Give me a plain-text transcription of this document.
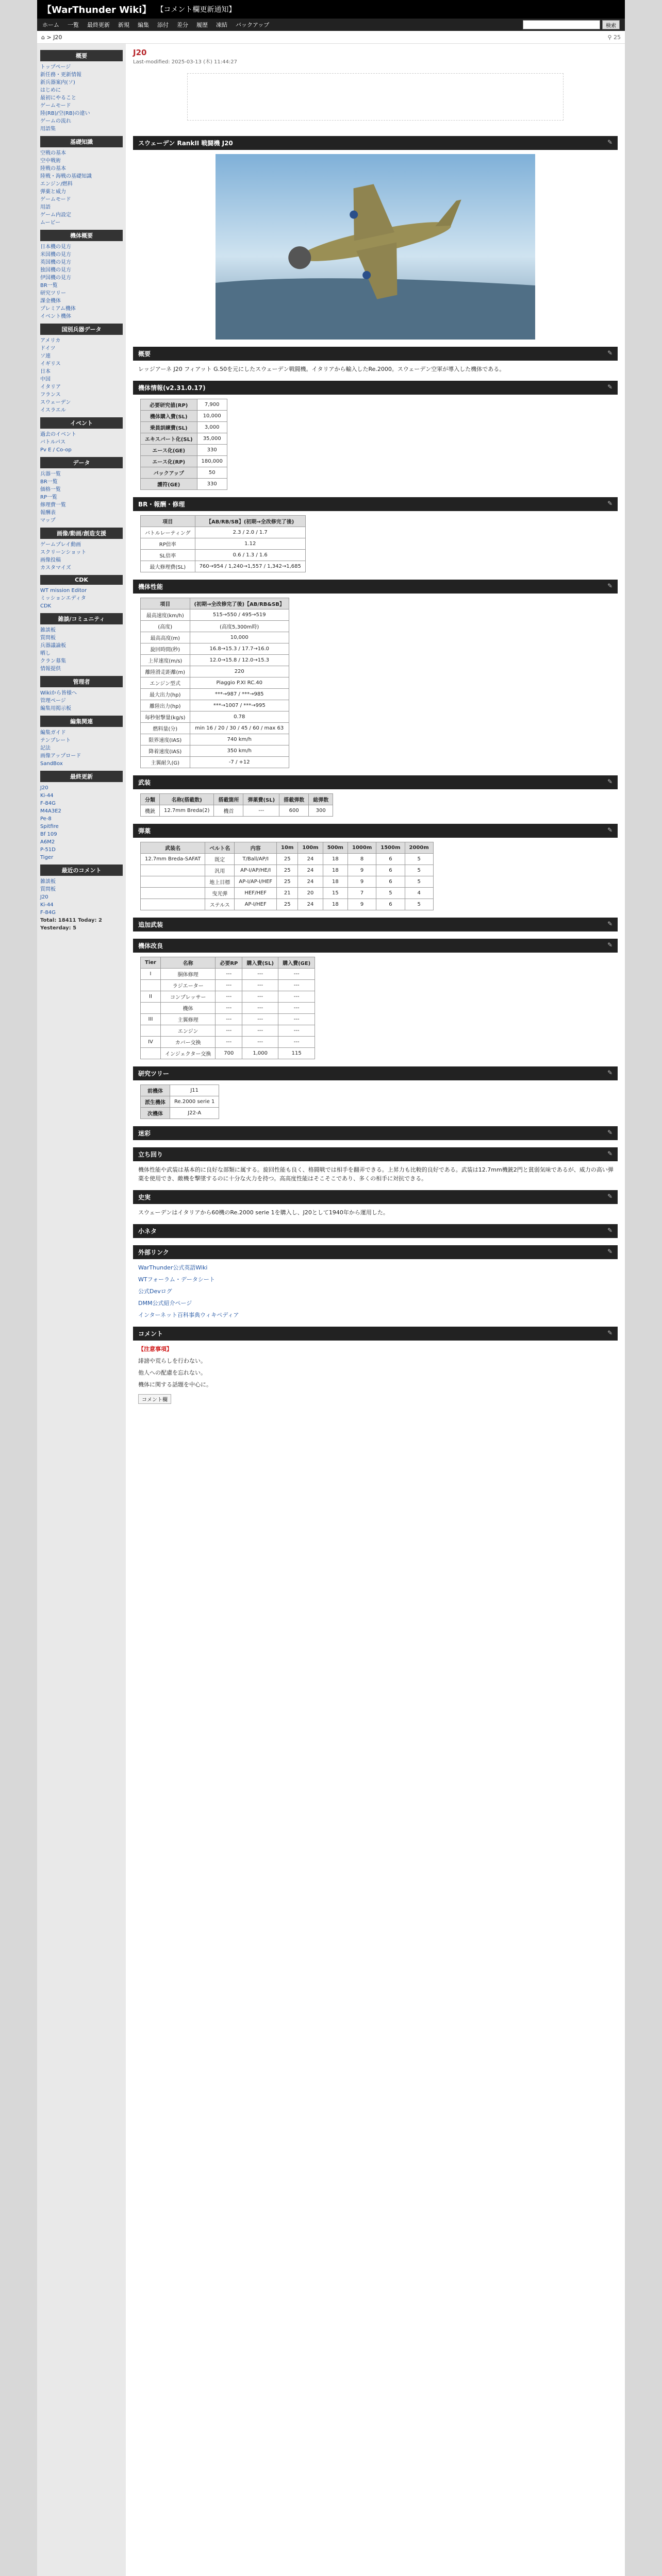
【WarThunder Wiki】 【コメント欄更新通知】
ホーム 一覧 最終更新 新規 編集 添付 差分 履歴 凍結 バックアップ	検索
⌂ > J20	⚲ 25
概要
トップページ
新任務・更新情報
新兵器案内(ソ)
はじめに
最初にやること
ゲームモード
陸(RB)/空(RB)の違い
ゲームの流れ
用語集
基礎知識
空戦の基本
空中戦術
陸戦の基本
陸戦・海戦の基礎知識
エンジン/燃料
弾薬と威力
ゲームモード
用語
ゲーム内設定
ムービー
機体概要
日本機の見方
米国機の見方
英国機の見方
独国機の見方
伊国機の見方
BR一覧
研究ツリー
課金機体
プレミアム機体
イベント機体
国別兵器データ
アメリカ
ドイツ
ソ連
イギリス
日本
中国
イタリア
フランス
スウェーデン
イスラエル
イベント
過去のイベント
バトルパス
Pv E / Co-op
データ
兵器一覧
BR一覧
価格一覧
RP一覧
修理費一覧
報酬表
マップ
画像/動画/創造支援
ゲームプレイ動画
スクリーンショット
画像投稿
カスタマイズ
CDK
WT mission Editor
ミッションエディタ
CDK
雑談/コミュニティ
雑談板
質問板
兵器議論板
晒し
クラン募集
情報提供
管理者
Wikiから皆様へ
管理ページ
編集用掲示板
編集関連
編集ガイド
テンプレート
記法
画像アップロード
SandBox
最終更新
J20
Ki-44
F-84G
M4A3E2
Pe-8
Spitfire
Bf 109
A6M2
P-51D
Tiger
最近のコメント
雑談板
質問板
J20
Ki-44
F-84G
Total: 18411 Today: 2 Yesterday: 5
J20
Last-modified: 2025-03-13 (木) 11:44:27
スウェーデン RankII 戦闘機 J20	✎
概要	✎

レッジアーネ J20 フィアット G.50を元にしたスウェーデン戦闘機。イタリアから輸入したRe.2000。スウェーデン空軍が導入した機体である。

機体情報(v2.31.0.17)	✎
必要研究値(RP)	7,900
機体購入費(SL)	10,000
乗員訓練費(SL)	3,000
エキスパート化(SL)	35,000
エース化(GE)	330
エース化(RP)	180,000
バックアップ	50
護符(GE)	330
BR・報酬・修理	✎
項目	【AB/RB/SB】(初期→全改修完了後)
バトルレーティング	2.3 / 2.0 / 1.7
RP倍率	1.12
SL倍率	0.6 / 1.3 / 1.6
最大修理費(SL)	760→954 / 1,240→1,557 / 1,342→1,685
機体性能	✎
項目	(初期→全改修完了後)【AB/RB&SB】
最高速度(km/h)	515→550 / 495→519
(高度)	(高度5,300m時)
最高高度(m)	10,000
旋回時間(秒)	16.8→15.3 / 17.7→16.0
上昇速度(m/s)	12.0→15.8 / 12.0→15.3
離陸滑走距離(m)	220
エンジン型式	Piaggio P.XI RC.40
最大出力(hp)	***→987 / ***→985
離陸出力(hp)	***→1007 / ***→995
毎秒射撃量(kg/s)	0.78
燃料量(分)	min 16 / 20 / 30 / 45 / 60 / max 63
限界速度(IAS)	740 km/h
降着速度(IAS)	350 km/h
主翼耐久(G)	-7 / +12
武装	✎
分類	名称(搭載数)	搭載箇所	弾薬費(SL)	搭載弾数	総弾数
機銃	12.7mm Breda(2)	機首	---	600	300
弾薬	✎
武装名	ベルト名	内容	10m	100m	500m	1000m	1500m	2000m
12.7mm Breda-SAFAT	既定	T/Ball/AP/I	25	24	18	8	6	5
	汎用	AP-I/AP/HE/I	25	24	18	9	6	5
	地上目標	AP-I/AP-I/HEF	25	24	18	9	6	5
	曳光弾	HEF/HEF	21	20	15	7	5	4
	ステルス	AP-I/HEF	25	24	18	9	6	5
追加武装	✎
機体改良	✎
Tier	名称	必要RP	購入費(SL)	購入費(GE)
I	胴体修理	---	---	---
	ラジエーター	---	---	---
II	コンプレッサー	---	---	---
	機体	---	---	---
III	主翼修理	---	---	---
	エンジン	---	---	---
IV	カバー交換	---	---	---
	インジェクター交換	700	1,000	115
研究ツリー	✎
前機体	J11
派生機体	Re.2000 serie 1
次機体	J22-A
迷彩	✎
立ち回り	✎

機体性能や武装は基本的に良好な部類に属する。旋回性能も良く、格闘戦では相手を翻弄できる。上昇力も比較的良好である。武装は12.7mm機銃2門と貧弱気味であるが、威力の高い弾薬を使用でき、敵機を撃墜するのに十分な火力を持つ。高高度性能はそこそこであり、多くの相手に対抗できる。

史実	✎

スウェーデンはイタリアから60機のRe.2000 serie 1を購入し、J20として1940年から運用した。

小ネタ	✎
外部リンク	✎

WarThunder公式英語Wiki

WTフォーラム・データシート

公式Devログ

DMM公式紹介ページ

インターネット百科事典ウィキペディア

コメント	✎

【注意事項】

誹謗や荒らしを行わない。

他人への配慮を忘れない。

機体に関する話題を中心に。

コメント欄
